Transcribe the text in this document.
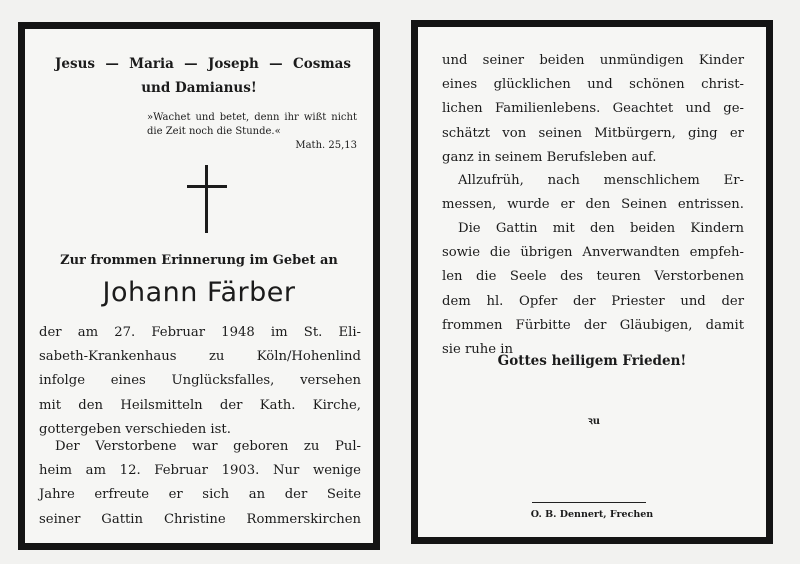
Jesus — Maria — Joseph — Cosmas
und Damianus!
»Wachet und betet, denn ihr wißt nicht die Zeit noch die Stunde.«
Math. 25,13
Zur frommen Erinnerung im Gebet an
Johann Färber
der am 27. Februar 1948 im St. Eli-
sabeth-Krankenhaus zu Köln/Hohenlind
infolge eines Unglücksfalles, versehen
mit den Heilsmitteln der Kath. Kirche,
gottergeben verschieden ist.
Der Verstorbene war geboren zu Pul-
heim am 12. Februar 1903. Nur wenige
Jahre erfreute er sich an der Seite
seiner Gattin Christine Rommerskirchen
und seiner beiden unmündigen Kinder
eines glücklichen und schönen christ-
lichen Familienlebens. Geachtet und ge-
schätzt von seinen Mitbürgern, ging er
ganz in seinem Berufsleben auf.
Allzufrüh, nach menschlichem Er-
messen, wurde er den Seinen entrissen.
Die Gattin mit den beiden Kindern
sowie die übrigen Anverwandten empfeh-
len die Seele des teuren Verstorbenen
dem hl. Opfer der Priester und der
frommen Fürbitte der Gläubigen, damit
sie ruhe in
Gottes heiligem Frieden!
ꝛu
O. B. Dennert, Frechen
